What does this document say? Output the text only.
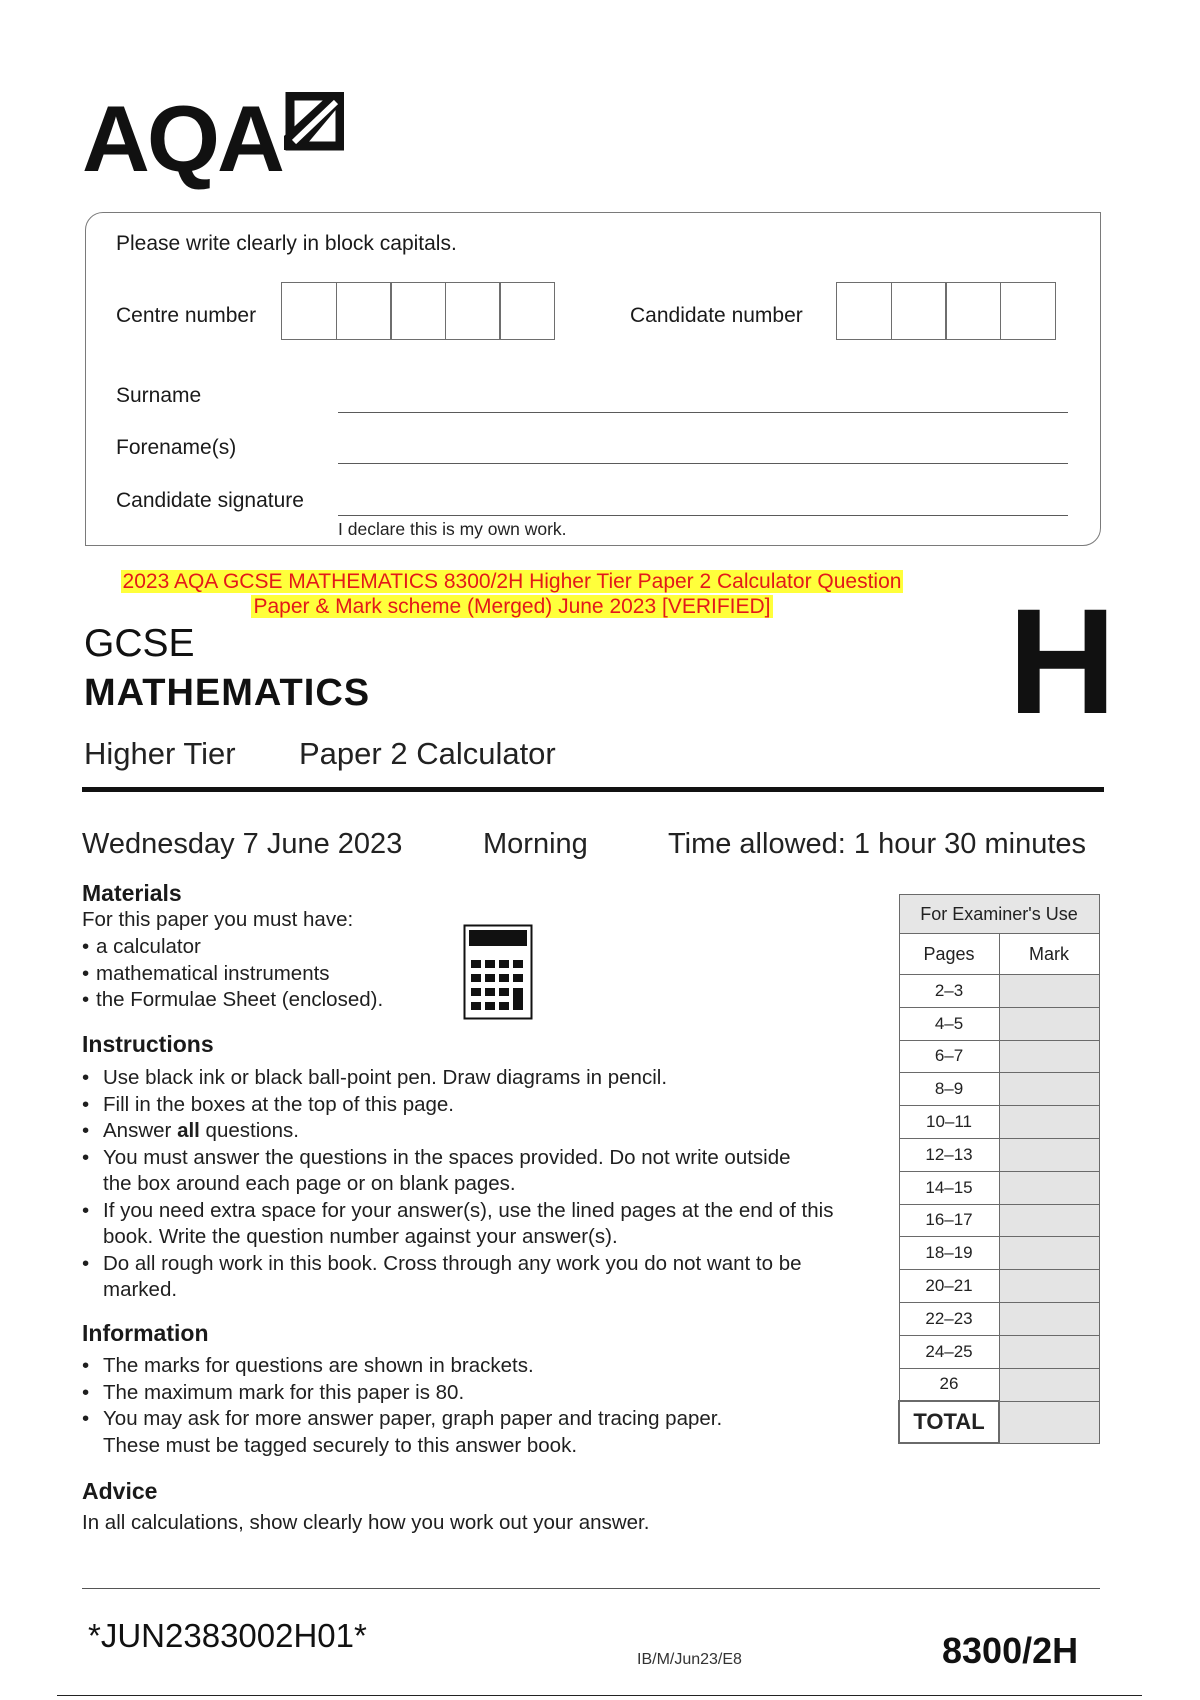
AQA
Please write clearly in block capitals.
Centre number	Candidate number
Surname
Forename(s)
Candidate signature
I declare this is my own work.
2023 AQA GCSE MATHEMATICS 8300/2H Higher Tier Paper 2 Calculator Question
Paper & Mark scheme (Merged) June 2023 [VERIFIED]
GCSE
MATHEMATICS
Higher Tier Paper 2 Calculator
H
Wednesday 7 June 2023	Morning	Time allowed: 1 hour 30 minutes
Materials
For this paper you must have:
• a calculator
• mathematical instruments
• the Formulae Sheet (enclosed).
Instructions
• Use black ink or black ball-point pen. Draw diagrams in pencil.
• Fill in the boxes at the top of this page.
• Answer all questions.
• You must answer the questions in the spaces provided. Do not write outside the box around each page or on blank pages.
• If you need extra space for your answer(s), use the lined pages at the end of this book. Write the question number against your answer(s).
• Do all rough work in this book. Cross through any work you do not want to be marked.
Information
• The marks for questions are shown in brackets.
• The maximum mark for this paper is 80.
• You may ask for more answer paper, graph paper and tracing paper. These must be tagged securely to this answer book.
Advice
In all calculations, show clearly how you work out your answer.
For Examiner's Use	
Pages	Mark
2–3	
4–5	
6–7	
8–9	
10–11	
12–13	
14–15	
16–17	
18–19	
20–21	
22–23	
24–25	
26	
TOTAL	
*JUN2383002H01*
IB/M/Jun23/E8	8300/2H
